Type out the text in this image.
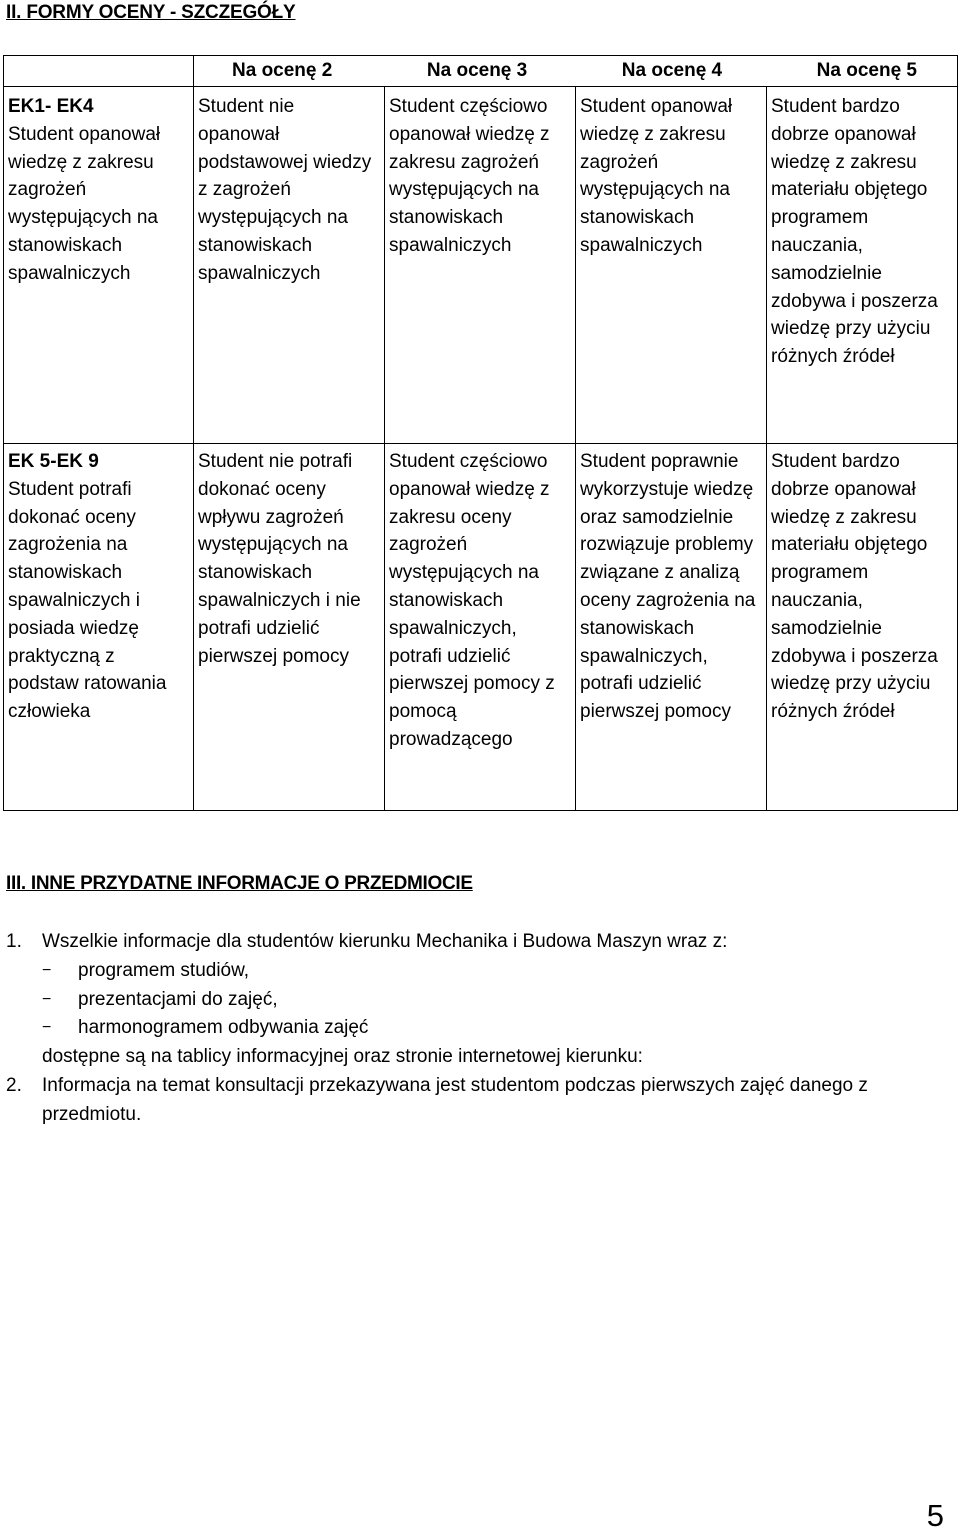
II. FORMY OCENY - SZCZEGÓŁY

	Na ocenę 2 Na ocenę 3 Na ocenę 4 Na ocenę 5			

EK1- EK4
Student opanował wiedzę z zakresu zagrożeń występujących na stanowiskach spawalniczych	Student nie opanował podstawowej wiedzy z zagrożeń występujących na stanowiskach spawalniczych	Student częściowo opanował wiedzę z zakresu zagrożeń występujących na stanowiskach spawalniczych	Student opanował wiedzę z zakresu zagrożeń występujących na stanowiskach spawalniczych	Student bardzo dobrze opanował wiedzę z zakresu materiału objętego programem nauczania, samodzielnie zdobywa i poszerza wiedzę przy użyciu różnych źródeł

EK 5-EK 9
Student potrafi dokonać oceny zagrożenia na stanowiskach spawalniczych i posiada wiedzę praktyczną z podstaw ratowania człowieka	Student nie potrafi dokonać oceny wpływu zagrożeń występujących na stanowiskach spawalniczych i nie potrafi udzielić pierwszej pomocy	Student częściowo opanował wiedzę z zakresu oceny zagrożeń występujących na stanowiskach spawalniczych, potrafi udzielić pierwszej pomocy z pomocą prowadzącego	Student poprawnie wykorzystuje wiedzę oraz samodzielnie rozwiązuje problemy związane z analizą oceny zagrożenia na stanowiskach spawalniczych, potrafi udzielić pierwszej pomocy	Student bardzo dobrze opanował wiedzę z zakresu materiału objętego programem nauczania, samodzielnie zdobywa i poszerza wiedzę przy użyciu różnych źródeł
III. INNE PRZYDATNE INFORMACJE O PRZEDMIOCIE
1. Wszelkie informacje dla studentów kierunku Mechanika i Budowa Maszyn wraz z:
− programem studiów,
− prezentacjami do zajęć,
− harmonogramem odbywania zajęć
dostępne są na tablicy informacyjnej oraz stronie internetowej kierunku:
2. Informacja na temat konsultacji przekazywana jest studentom podczas pierwszych zajęć danego z przedmiotu.
5
